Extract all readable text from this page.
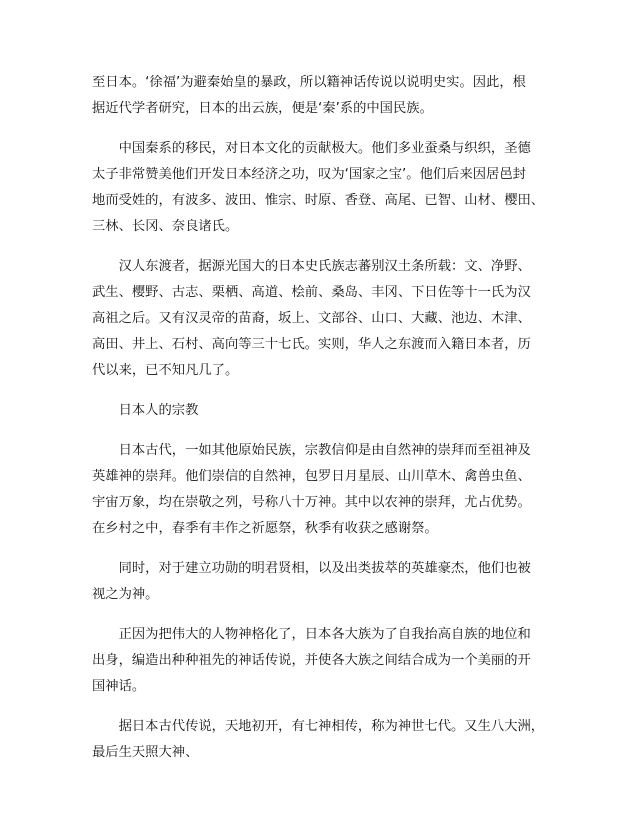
至日本。‘徐福’为避秦始皇的暴政，所以籍神话传说以说明史实。因此，根
据近代学者研究，日本的出云族，便是‘秦’系的中国民族。

中国秦系的移民，对日本文化的贡献极大。他们多业蚕桑与织织，圣德
太子非常赞美他们开发日本经济之功，叹为‘国家之宝’。他们后来因居邑封
地而受姓的，有波多、波田、惟宗、时原、香登、高尾、已智、山材、樱田、
三林、长冈、奈良诸氏。

汉人东渡者，据源光国大的日本史氏族志蕃别汉土条所载：文、净野、
武生、樱野、古志、栗栖、高道、桧前、桑岛、丰冈、下日佐等十一氏为汉
高祖之后。又有汉灵帝的苗裔，坂上、文部谷、山口、大藏、池边、木津、
高田、井上、石村、高向等三十七氏。实则，华人之东渡而入籍日本者，历
代以来，已不知凡几了。

日本人的宗教

日本古代，一如其他原始民族，宗教信仰是由自然神的崇拜而至祖神及
英雄神的崇拜。他们崇信的自然神，包罗日月星辰、山川草木、禽兽虫鱼、
宇宙万象，均在崇敬之列，号称八十万神。其中以农神的崇拜，尤占优势。
在乡村之中，春季有丰作之祈愿祭，秋季有收获之感谢祭。

同时，对于建立功勋的明君贤相，以及出类拔萃的英雄豪杰，他们也被
视之为神。

正因为把伟大的人物神格化了，日本各大族为了自我抬高自族的地位和
出身，编造出种种祖先的神话传说，并使各大族之间结合成为一个美丽的开
国神话。

据日本古代传说，天地初开，有七神相传，称为神世七代。又生八大洲，
最后生天照大神、
